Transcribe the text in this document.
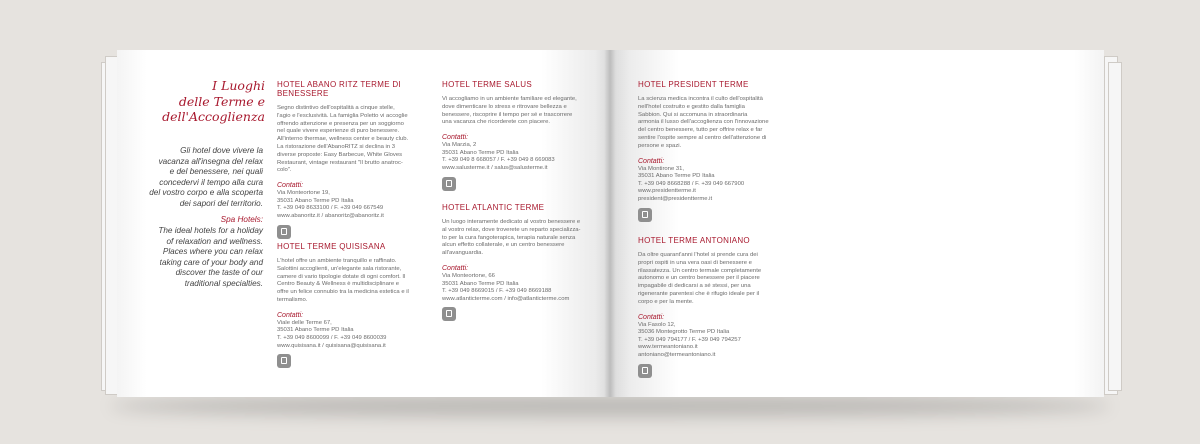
I Luoghi
delle Terme e
dell'Accoglienza
Gli hotel dove vivere la
vacanza all'insegna del relax
e del benessere, nei quali
concedervi il tempo alla cura
del vostro corpo e alla scoperta
dei sapori del territorio.
Spa Hotels:
The ideal hotels for a holiday
of relaxation and wellness.
Places where you can relax
taking care of your body and
discover the taste of our
traditional specialties.
HOTEL ABANO RITZ TERME DI BENESSERE
Segno distintivo dell'ospitalità a cinque stelle,
l'agio e l'esclusività. La famiglia Poletto vi accoglie
offrendo attenzione e presenza per un soggiorno
nel quale vivere esperienze di puro benessere.
All'interno thermae, wellness center e beauty club.
La ristorazione dell'AbanoRITZ si declina in 3
diverse proposte: Easy Barbecue, White Gloves
Restaurant, vintage restaurant "Il brutto anatroc-
colo".
Contatti:
Via Monteortone 19,
35031 Abano Terme PD Italia
T. +39 049 8633100 / F. +39 049 667549
www.abanoritz.it / abanoritz@abanoritz.it
HOTEL TERME QUISISANA
L'hotel offre un ambiente tranquillo e raffinato.
Salottini accoglienti, un'elegante sala ristorante,
camere di vario tipologie dotate di ogni comfort. Il
Centro Beauty & Wellness è multidisciplinare e
offre un felice connubio tra la medicina estetica e il
termalismo.
Contatti:
Viale delle Terme 67,
35031 Abano Terme PD Italia
T. +39 049 8600099 / F. +39 049 8600039
www.quisisana.it / quisisana@quisisana.it
HOTEL TERME SALUS
Vi accogliamo in un ambiente familiare ed elegante,
dove dimenticare lo stress e ritrovare bellezza e
benessere, riscoprire il tempo per sé e trascorrere
una vacanza che ricorderete con piacere.
Contatti:
Via Marzia, 2
35031 Abano Terme PD Italia
T. +39 049 8 668057 / F. +39 049 8 669083
www.salusterme.it / salus@salusterme.it
HOTEL ATLANTIC TERME
Un luogo interamente dedicato al vostro benessere e
al vostro relax, dove troverete un reparto specializza-
to per la cura fangoterapica, terapia naturale senza
alcun effetto collaterale, e un centro benessere
all'avanguardia.
Contatti:
Via Monteortone, 66
35031 Abano Terme PD Italia
T. +39 049 8669015 / F. +39 049 8669188
www.atlanticterme.com / info@atlanticterme.com
HOTEL PRESIDENT TERME
La scienza medica incontra il culto dell'ospitalità
nell'hotel costruito e gestito dalla famiglia
Sabbion. Qui si accomuna in straordinaria
armonia il lusso dell'accoglienza con l'innovazione
del centro benessere, tutto per offrire relax e far
sentire l'ospite sempre al centro dell'attenzione di
persone e spazi.
Contatti:
Via Montirone 31,
35031 Abano Terme PD Italia
T. +39 049 8668288 / F. +39 049 667900
www.presidentterme.it
president@presidentterme.it
HOTEL TERME ANTONIANO
Da oltre quarant'anni l'hotel si prende cura dei
propri ospiti in una vera oasi di benessere e
rilassatezza. Un centro termale completamente
autonomo e un centro benessere per il piacere
impagabile di dedicarsi a sé stessi, per una
rigenerante parentesi che è rifugio ideale per il
corpo e per la mente.
Contatti:
Via Fasolo 12,
35036 Montegrotto Terme PD Italia
T. +39 049 794177 / F. +39 049 794257
www.termeantoniano.it
antoniano@termeantoniano.it
